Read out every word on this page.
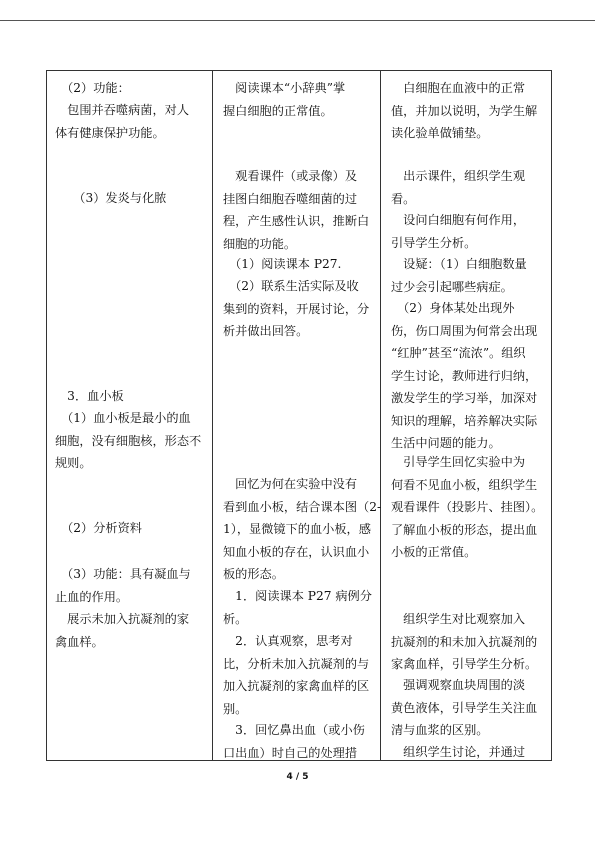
　（2）功能：
　包围并吞噬病菌，对人
体有健康保护功能。
　　（3）发炎与化脓
　3．血小板
　（1）血小板是最小的血
细胞，没有细胞核，形态不
规则。
　（2）分析资料
　（3）功能：具有凝血与
止血的作用。
　展示未加入抗凝剂的家
禽血样。
　阅读课本“小辞典”掌
握白细胞的正常值。
　观看课件（或录像）及
挂图白细胞吞噬细菌的过
程，产生感性认识，推断白
细胞的功能。
　（1）阅读课本 P27.
　（2）联系生活实际及收
集到的资料，开展讨论，分
析并做出回答。
　回忆为何在实验中没有
看到血小板，结合课本图（2-
1），显微镜下的血小板，感
知血小板的存在，认识血小
板的形态。
　1．阅读课本 P27 病例分
析。
　2．认真观察，思考对
比，分析未加入抗凝剂的与
加入抗凝剂的家禽血样的区
别。
　3．回忆鼻出血（或小伤
口出血）时自己的处理措
　白细胞在血液中的正常
值，并加以说明，为学生解
读化验单做铺垫。
　出示课件，组织学生观
看。
　设问白细胞有何作用，
引导学生分析。
　设疑：（1）白细胞数量
过少会引起哪些病症。
　（2）身体某处出现外
伤，伤口周围为何常会出现
“红肿”甚至“流浓”。组织
学生讨论，教师进行归纳，
激发学生的学习举，加深对
知识的理解，培养解决实际
生活中问题的能力。
　引导学生回忆实验中为
何看不见血小板，组织学生
观看课件（投影片、挂图）。
了解血小板的形态，提出血
小板的正常值。
　组织学生对比观察加入
抗凝剂的和未加入抗凝剂的
家禽血样，引导学生分析。
　强调观察血块周围的淡
黄色液体，引导学生关注血
清与血浆的区别。
　组织学生讨论，并通过
4 / 5
